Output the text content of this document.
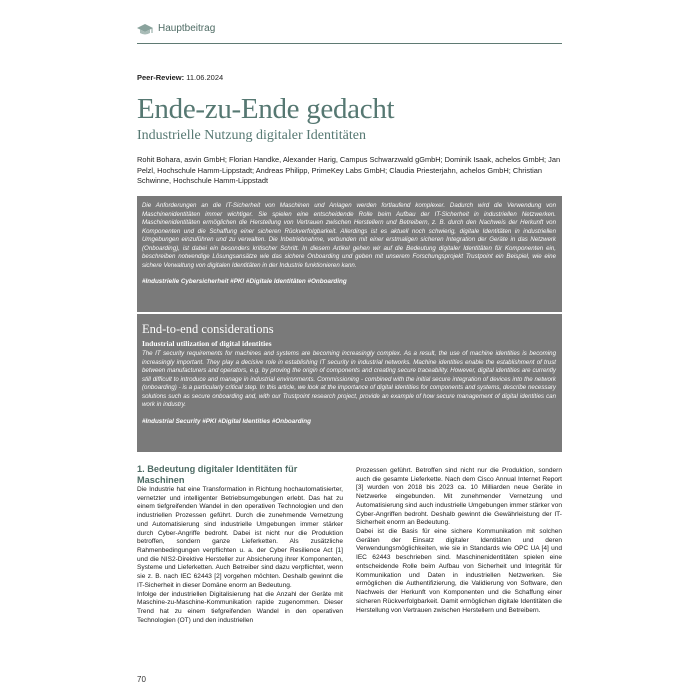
Hauptbeitrag
Peer-Review: 11.06.2024
Ende-zu-Ende gedacht
Industrielle Nutzung digitaler Identitäten
Rohit Bohara, asvin GmbH; Florian Handke, Alexander Harig, Campus Schwarzwald gGmbH; Dominik Isaak, achelos GmbH; Jan Pelzl, Hochschule Hamm-Lippstadt; Andreas Philipp, PrimeKey Labs GmbH; Claudia Priesterjahn, achelos GmbH; Christian Schwinne, Hochschule Hamm-Lippstadt
Die Anforderungen an die IT-Sicherheit von Maschinen und Anlagen werden fortlaufend komplexer. Dadurch wird die Verwendung von Maschinenidentitäten immer wichtiger. Sie spielen eine entscheidende Rolle beim Aufbau der IT-Sicherheit in industriellen Netzwerken. Maschinenidentitäten ermöglichen die Herstellung von Vertrauen zwischen Herstellern und Betreibern, z. B. durch den Nachweis der Herkunft von Komponenten und die Schaffung einer sicheren Rückverfolgbarkeit. Allerdings ist es aktuell noch schwierig, digitale Identitäten in industriellen Umgebungen einzuführen und zu verwalten. Die Inbetriebnahme, verbunden mit einer erstmaligen sicheren Integration der Geräte in das Netzwerk (Onboarding), ist dabei ein besonders kritischer Schritt. In diesem Artikel gehen wir auf die Bedeutung digitaler Identitäten für Komponenten ein, beschreiben notwendige Lösungsansätze wie das sichere Onboarding und geben mit unserem Forschungsprojekt Trustpoint ein Beispiel, wie eine sichere Verwaltung von digitalen Identitäten in der Industrie funktionieren kann.
#Industrielle Cybersicherheit #PKI #Digitale Identitäten #Onboarding
End-to-end considerations
Industrial utilization of digital identities
The IT security requirements for machines and systems are becoming increasingly complex. As a result, the use of machine identities is becoming increasingly important. They play a decisive role in establishing IT security in industrial networks. Machine identities enable the establishment of trust between manufacturers and operators, e.g. by proving the origin of components and creating secure traceability. However, digital identities are currently still difficult to introduce and manage in industrial environments. Commissioning - combined with the initial secure integration of devices into the network (onboarding) - is a particularly critical step. In this article, we look at the importance of digital identities for components and systems, describe necessary solutions such as secure onboarding and, with our Trustpoint research project, provide an example of how secure management of digital identities can work in industry.
#Industrial Security #PKI #Digital Identities #Onboarding
1. Bedeutung digitaler Identitäten für Maschinen

Die Industrie hat eine Transformation in Richtung hochautomatisierter, vernetzter und intelligenter Betriebsumgebungen erlebt. Das hat zu einem tiefgreifenden Wandel in den operativen Technologien und den industriellen Prozessen geführt. Durch die zunehmende Vernetzung und Automatisierung sind industrielle Umgebungen immer stärker durch Cyber-Angriffe bedroht. Dabei ist nicht nur die Produktion betroffen, sondern ganze Lieferketten. Als zusätzliche Rahmenbedingungen verpflichten u. a. der Cyber Resilience Act [1] und die NIS2-Direktive Hersteller zur Absicherung ihrer Komponenten, Systeme und Lieferketten. Auch Betreiber sind dazu verpflichtet, wenn sie z. B. nach IEC 62443 [2] vorgehen möchten. Deshalb gewinnt die IT-Sicherheit in dieser Domäne enorm an Bedeutung.

Infolge der industriellen Digitalisierung hat die Anzahl der Geräte mit Maschine-zu-Maschine-Kommunikation rapide zugenommen. Dieser Trend hat zu einem tiefgreifenden Wandel in den operativen Technologien (OT) und den industriellen

Prozessen geführt. Betroffen sind nicht nur die Produktion, sondern auch die gesamte Lieferkette. Nach dem Cisco Annual Internet Report [3] wurden von 2018 bis 2023 ca. 10 Milliarden neue Geräte in Netzwerke eingebunden. Mit zunehmender Vernetzung und Automatisierung sind auch industrielle Umgebungen immer stärker von Cyber-Angriffen bedroht. Deshalb gewinnt die Gewährleistung der IT-Sicherheit enorm an Bedeutung.

Dabei ist die Basis für eine sichere Kommunikation mit solchen Geräten der Einsatz digitaler Identitäten und deren Verwendungsmöglichkeiten, wie sie in Standards wie OPC UA [4] und IEC 62443 beschrieben sind. Maschinenidentitäten spielen eine entscheidende Rolle beim Aufbau von Sicherheit und Integrität für Kommunikation und Daten in industriellen Netzwerken. Sie ermöglichen die Authentifizierung, die Validierung von Software, den Nachweis der Herkunft von Komponenten und die Schaffung einer sicheren Rückverfolgbarkeit. Damit ermöglichen digitale Identitäten die Herstellung von Vertrauen zwischen Herstellern und Betreibern.

70
